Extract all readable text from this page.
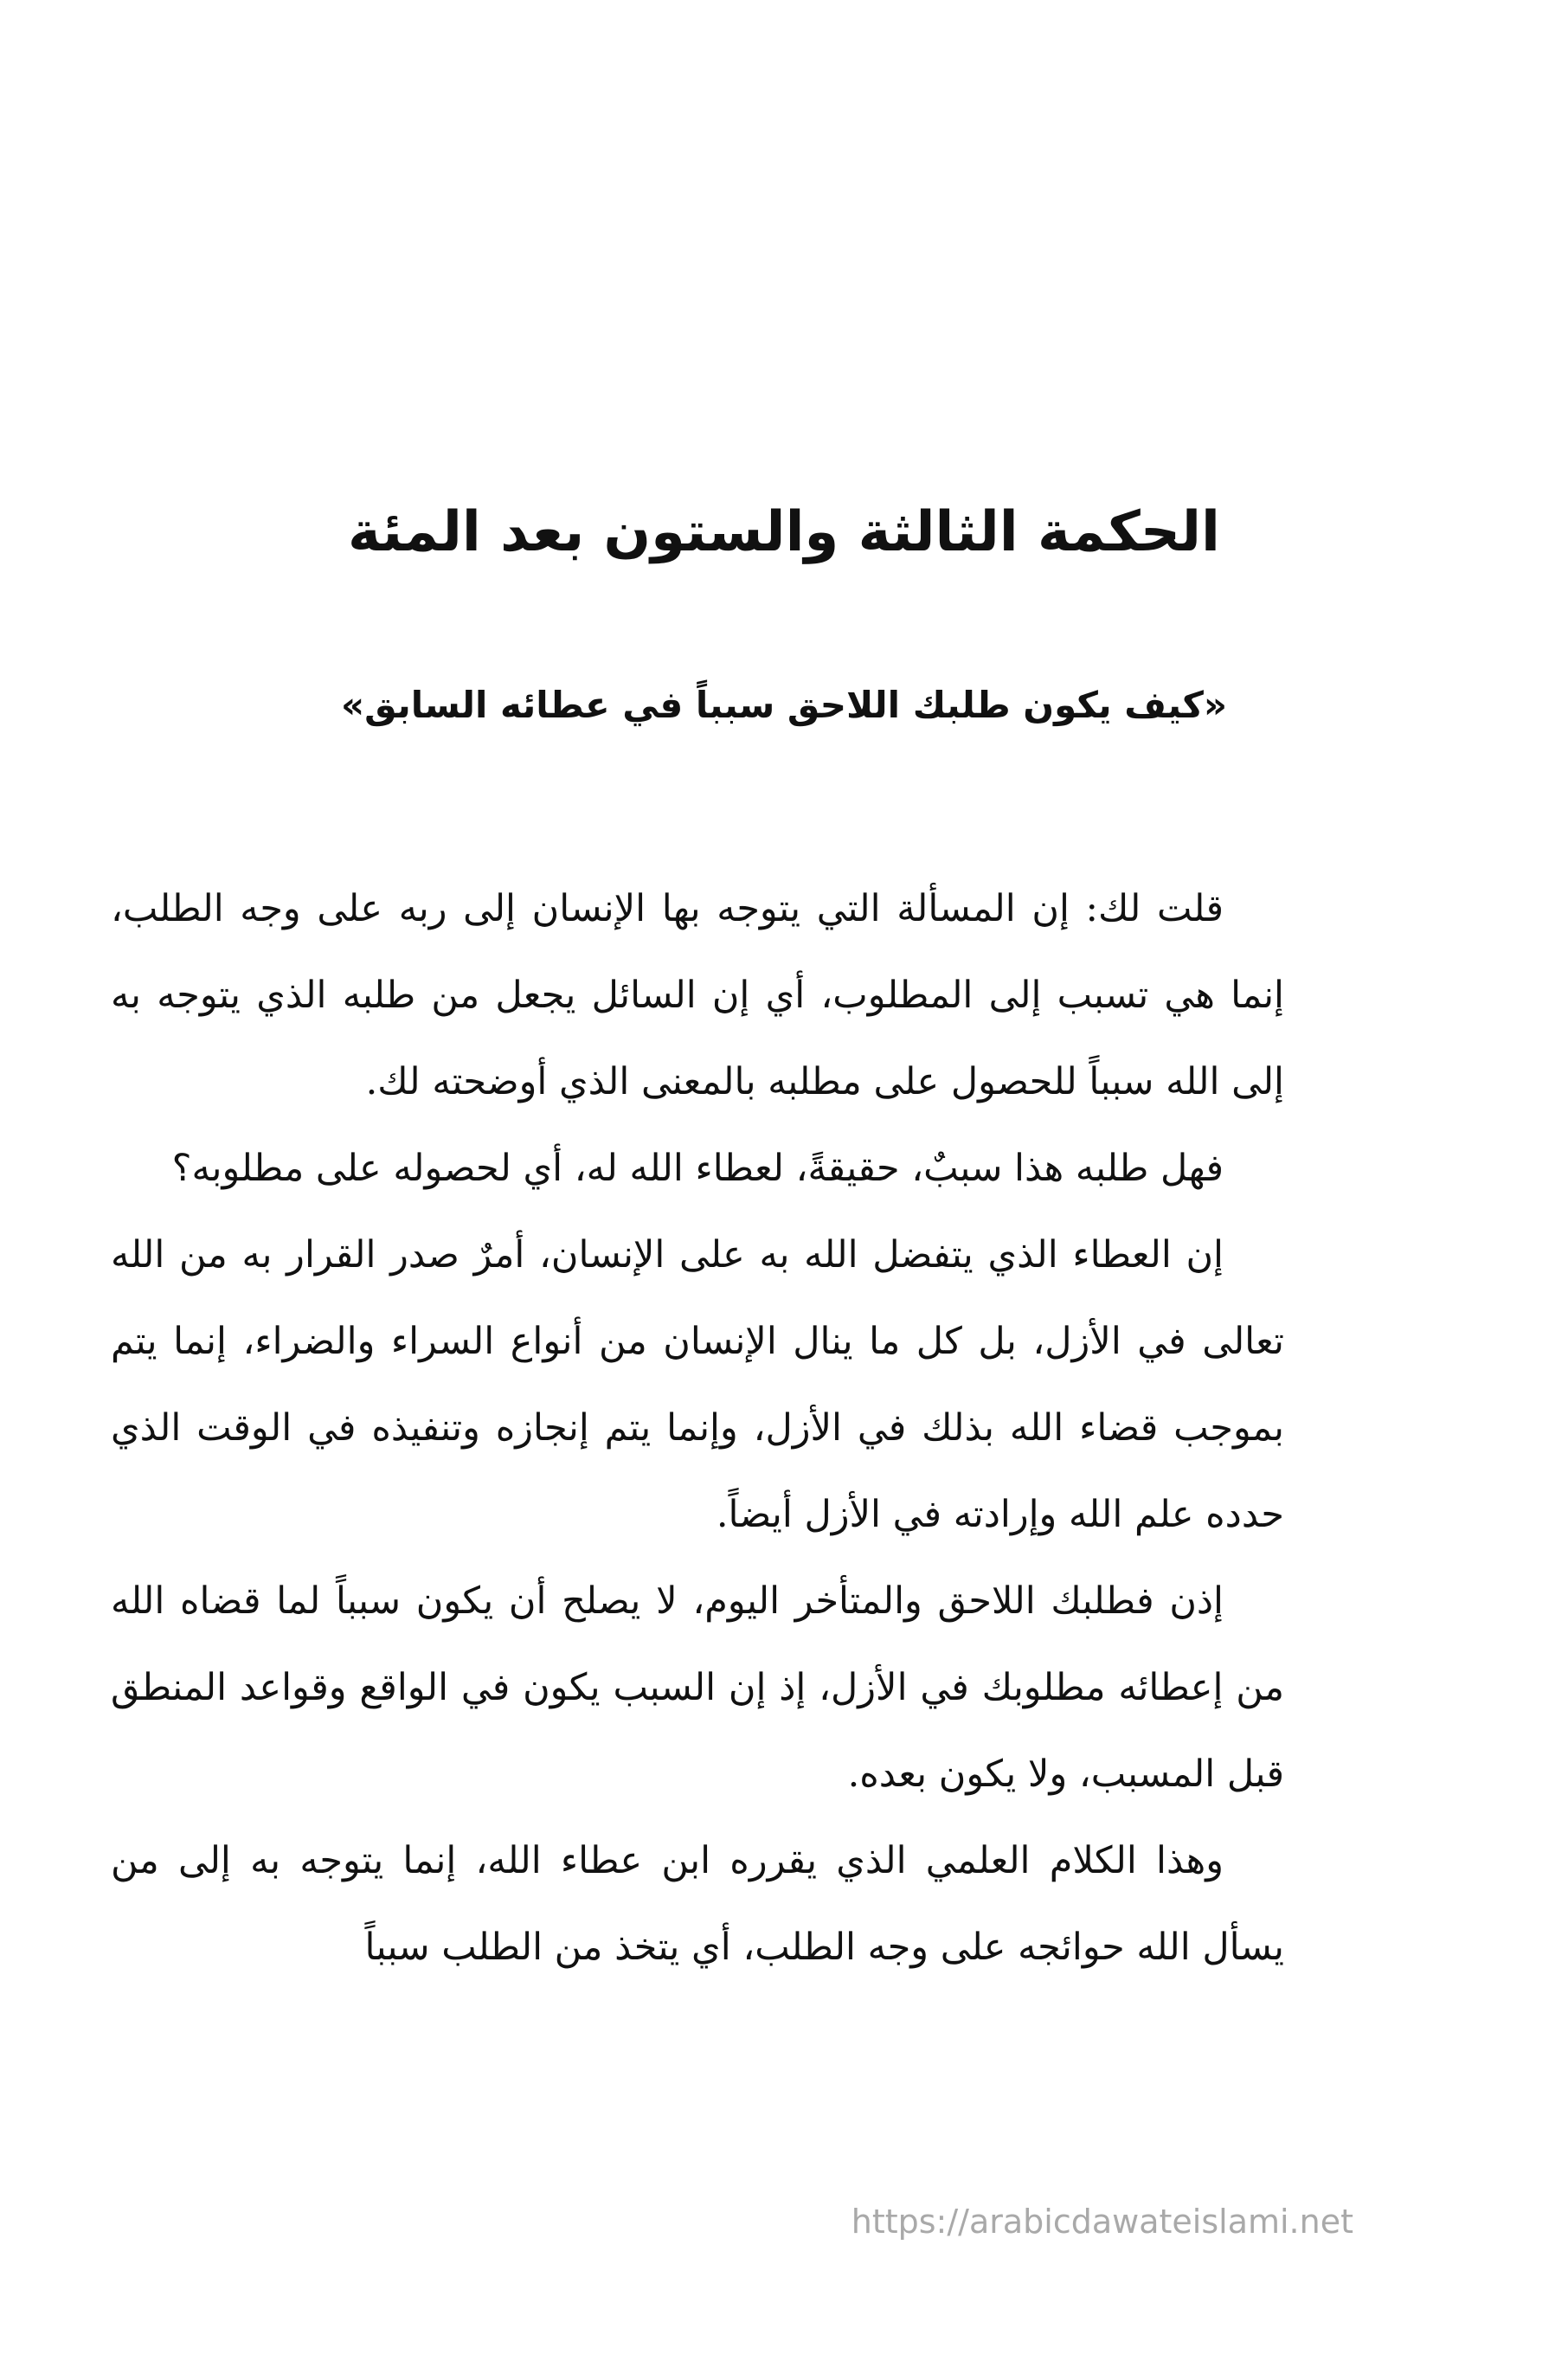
الحكمة الثالثة والستون بعد المئة
«كيف يكون طلبك اللاحق سبباً في عطائه السابق»

قلت لك: إن المسألة التي يتوجه بها الإنسان إلى ربه على وجه الطلب، إنما هي تسبب إلى المطلوب، أي إن السائل يجعل من طلبه الذي يتوجه به إلى الله سبباً للحصول على مطلبه بالمعنى الذي أوضحته لك.

فهل طلبه هذا سببٌ، حقيقةً، لعطاء الله له، أي لحصوله على مطلوبه؟

إن العطاء الذي يتفضل الله به على الإنسان، أمرٌ صدر القرار به من الله تعالى في الأزل، بل كل ما ينال الإنسان من أنواع السراء والضراء، إنما يتم بموجب قضاء الله بذلك في الأزل، وإنما يتم إنجازه وتنفيذه في الوقت الذي حدده علم الله وإرادته في الأزل أيضاً.

إذن فطلبك اللاحق والمتأخر اليوم، لا يصلح أن يكون سبباً لما قضاه الله من إعطائه مطلوبك في الأزل، إذ إن السبب يكون في الواقع وقواعد المنطق قبل المسبب، ولا يكون بعده.

وهذا الكلام العلمي الذي يقرره ابن عطاء الله، إنما يتوجه به إلى من يسأل الله حوائجه على وجه الطلب، أي يتخذ من الطلب سبباً

https://arabicdawateislami.net
